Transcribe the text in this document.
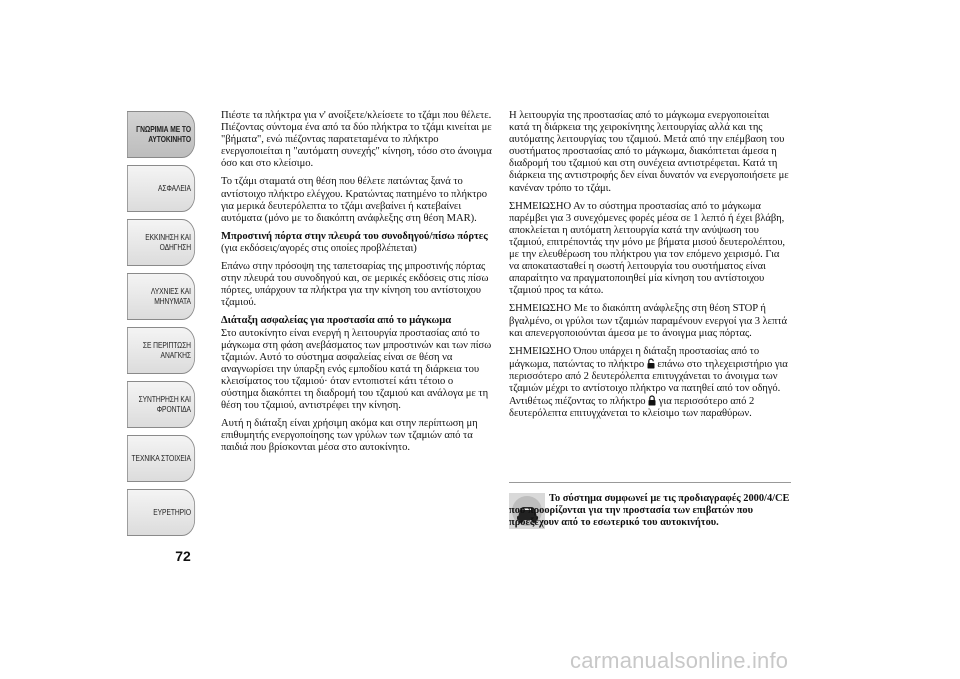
ΓΝΩΡΙΜΙΑ ΜΕ ΤΟ
ΑΥΤΟΚΙΝΗΤΟ
ΑΣΦΑΛΕΙΑ
ΕΚΚΙΝΗΣΗ ΚΑΙ
ΟΔΗΓΗΣΗ
ΛΥΧΝΙΕΣ ΚΑΙ
ΜΗΝΥΜΑΤΑ
ΣΕ ΠΕΡΙΠΤΩΣΗ
ΑΝΑΓΚΗΣ
ΣΥΝΤΗΡΗΣΗ ΚΑΙ
ΦΡΟΝΤΙΔΑ
ΤΕΧΝΙΚΑ ΣΤΟΙΧΕΙΑ
ΕΥΡΕΤΗΡΙΟ
72

Πιέστε τα πλήκτρα για ν' ανοίξετε/κλείσετε το τζάμι που θέλετε. Πιέζοντας σύντομα ένα από τα δύο πλήκτρα το τζάμι κινείται με "βήματα", ενώ πιέζοντας παρατεταμένα το πλήκτρο ενεργοποιείται η "αυτόματη συνεχής" κίνηση, τόσο στο άνοιγμα όσο και στο κλείσιμο.

Το τζάμι σταματά στη θέση που θέλετε πατώντας ξανά το αντίστοιχο πλήκτρο ελέγχου. Κρατώντας πατημένο το πλήκτρο για μερικά δευτερόλεπτα το τζάμι ανεβαίνει ή κατεβαίνει αυτόματα (μόνο με το διακόπτη ανάφλεξης στη θέση MAR).

Μπροστινή πόρτα στην πλευρά του συνοδηγού/πίσω πόρτες

(για εκδόσεις/αγορές στις οποίες προβλέπεται)

Επάνω στην πρόσοψη της ταπετσαρίας της μπροστινής πόρτας στην πλευρά του συνοδηγού και, σε μερικές εκδόσεις στις πίσω πόρτες, υπάρχουν τα πλήκτρα για την κίνηση του αντίστοιχου τζαμιού.

Διάταξη ασφαλείας για προστασία από το μάγκωμα

Στο αυτοκίνητο είναι ενεργή η λειτουργία προστασίας από το μάγκωμα στη φάση ανεβάσματος των μπροστινών και των πίσω τζαμιών. Αυτό το σύστημα ασφαλείας είναι σε θέση να αναγνωρίσει την ύπαρξη ενός εμποδίου κατά τη διάρκεια του κλεισίματος του τζαμιού· όταν εντοπιστεί κάτι τέτοιο ο σύστημα διακόπτει τη διαδρομή του τζαμιού και ανάλογα με τη θέση του τζαμιού, αντιστρέφει την κίνηση.

Αυτή η διάταξη είναι χρήσιμη ακόμα και στην περίπτωση μη επιθυμητής ενεργοποίησης των γρύλων των τζαμιών από τα παιδιά που βρίσκονται μέσα στο αυτοκίνητο.

Η λειτουργία της προστασίας από το μάγκωμα ενεργοποιείται κατά τη διάρκεια της χειροκίνητης λειτουργίας αλλά και της αυτόματης λειτουργίας του τζαμιού. Μετά από την επέμβαση του συστήματος προστασίας από το μάγκωμα, διακόπτεται άμεσα η διαδρομή του τζαμιού και στη συνέχεια αντιστρέφεται. Κατά τη διάρκεια της αντιστροφής δεν είναι δυνατόν να ενεργοποιήσετε με κανέναν τρόπο το τζάμι.

ΣΗΜΕΙΩΣΗΟ Αν το σύστημα προστασίας από το μάγκωμα παρέμβει για 3 συνεχόμενες φορές μέσα σε 1 λεπτό ή έχει βλάβη, αποκλείεται η αυτόματη λειτουργία κατά την ανύψωση του τζαμιού, επιτρέποντάς την μόνο με βήματα μισού δευτερολέπτου, με την ελευθέρωση του πλήκτρου για τον επόμενο χειρισμό. Για να αποκατασταθεί η σωστή λειτουργία του συστήματος είναι απαραίτητο να πραγματοποιηθεί μία κίνηση του αντίστοιχου τζαμιού προς τα κάτω.

ΣΗΜΕΙΩΣΗΟ Με το διακόπτη ανάφλεξης στη θέση STOP ή βγαλμένο, οι γρύλοι των τζαμιών παραμένουν ενεργοί για 3 λεπτά και απενεργοποιούνται άμεσα με το άνοιγμα μιας πόρτας.

ΣΗΜΕΙΩΣΗΟ Όπου υπάρχει η διάταξη προστασίας από το μάγκωμα, πατώντας το πλήκτρο επάνω στο τηλεχειριστήριο για περισσότερο από 2 δευτερόλεπτα επιτυγχάνεται το άνοιγμα των τζαμιών μέχρι το αντίστοιχο πλήκτρο να πατηθεί από τον οδηγό. Αντιθέτως πιέζοντας το πλήκτρο για περισσότερο από 2 δευτερόλεπτα επιτυγχάνεται το κλείσιμο των παραθύρων.

Το σύστημα συμφωνεί με τις προδιαγραφές 2000/4/CE που προορίζονται για την προστασία των επιβατών που προεξέχουν από το εσωτερικό του αυτοκινήτου.

carmanualsonline.info
